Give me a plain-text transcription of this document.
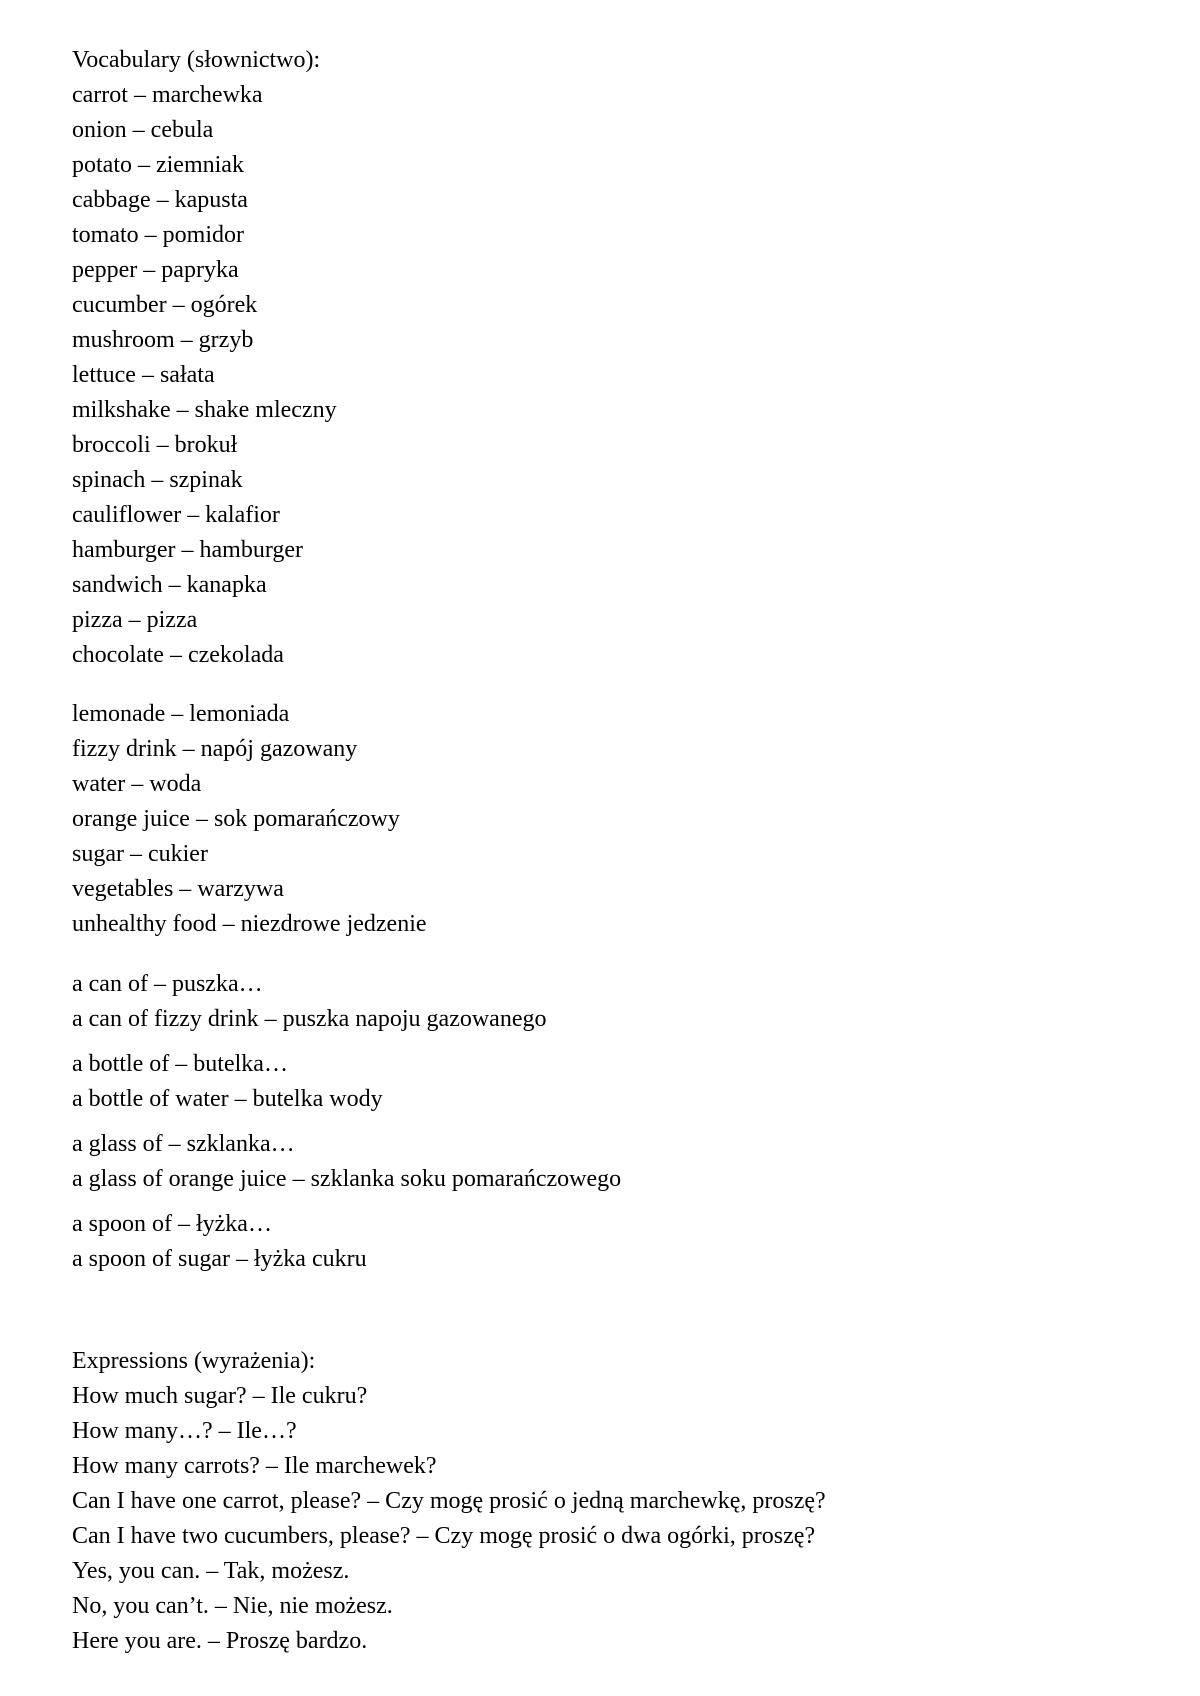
Vocabulary (słownictwo):

carrot – marchewka

onion – cebula

potato – ziemniak

cabbage – kapusta

tomato – pomidor

pepper – papryka

cucumber – ogórek

mushroom – grzyb

lettuce – sałata

milkshake – shake mleczny

broccoli – brokuł

spinach – szpinak

cauliflower – kalafior

hamburger – hamburger

sandwich – kanapka

pizza – pizza

chocolate – czekolada

lemonade – lemoniada

fizzy drink – napój gazowany

water – woda

orange juice – sok pomarańczowy

sugar – cukier

vegetables – warzywa

unhealthy food – niezdrowe jedzenie

a can of – puszka…

a can of fizzy drink – puszka napoju gazowanego

a bottle of – butelka…

a bottle of water – butelka wody

a glass of – szklanka…

a glass of orange juice – szklanka soku pomarańczowego

a spoon of – łyżka…

a spoon of sugar – łyżka cukru

Expressions (wyrażenia):

How much sugar? – Ile cukru?

How many…? – Ile…?

How many carrots? – Ile marchewek?

Can I have one carrot, please? – Czy mogę prosić o jedną marchewkę, proszę?

Can I have two cucumbers, please? – Czy mogę prosić o dwa ogórki, proszę?

Yes, you can. – Tak, możesz.

No, you can’t. – Nie, nie możesz.

Here you are. – Proszę bardzo.
